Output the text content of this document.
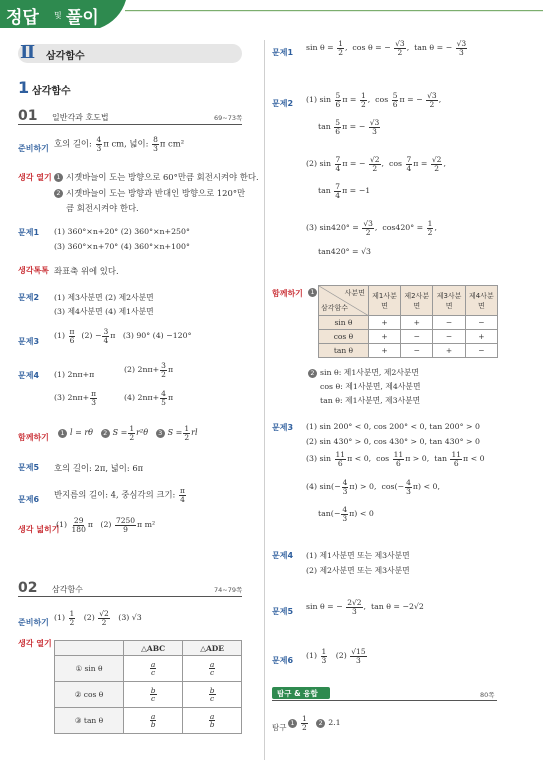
정답 및 풀이
Ⅱ 삼각함수
1 삼각함수
01 일반각과 호도법	69~73쪽
준비하기 호의 길이: $\frac{4}{3}$ π cm, 넓이: $\frac{8}{3}$ π cm²
생각 열기 1 시곗바늘이 도는 방향으로 60°만큼 회전시켜야 한다.
2 시곗바늘이 도는 방향과 반대인 방향으로 120°만
큼 회전시켜야 한다.
문제1 (1) 360°×n+20° (2) 360°×n+250°
(3) 360°×n+70° (4) 360°×n+100°
생각톡톡 좌표축 위에 있다.
문제2 (1) 제3사분면 (2) 제2사분면
(3) 제4사분면 (4) 제1사분면
문제3
$(1) \frac{\pi}{6} (2) - \frac{3}{4}$ π   (3) 90° (4) −120°
문제4 (1) 2nπ+π
(2) $2n\pi+ \frac{3}{2}$ π
(3) $2n\pi+ \frac{\pi}{3}$	(4) $2n\pi+ \frac{4}{5}$ π
함께하기
1 l = rθ 2 $S = \frac{1}{2} r^2\theta$ 3 $S = \frac{1}{2}$ rl
문제5 호의 길이: 2π, 넓이: 6π
문제6 반지름의 길이: 4, 중심각의 크기: $\frac{\pi}{4}$
생각 넓히기
$(1) \frac{29}{180}$ π   $(2) \frac{7250}{9}$ π m²
02 삼각함수	74~79쪽
준비하기
$(1) \frac{1}{2} (2) \frac{√2}{2} (3)$ √3
생각 열기
		△ABC	△ADE
① sin θ	$\frac{a}{c}$	$\frac{a}{c}$

② cos θ	$\frac{b}{c}$	$\frac{b}{c}$

③ tan θ	$\frac{a}{b}$	$\frac{a}{b}$
문제1
$\sin \theta = \frac{1}{2}$ ,  cos θ = − $\frac{√3}{2}$ ,  tan θ = − $\frac{√3}{3}$
문제2 (1) $\sin \frac{5}{6}$ $\pi = \frac{1}{2}$ ,  $\cos \frac{5}{6}$ π = − $\frac{√3}{2}$ ,
$\tan \frac{5}{6}$ π = − $\frac{√3}{3}$
(2) $\sin \frac{7}{4}$ π = − $\frac{√2}{2}$ ,  $\cos \frac{7}{4}$ $\pi = \frac{√2}{2}$ ,
$\tan \frac{7}{4}$ π = −1
(3) $\sin 420^\circ = \frac{√3}{2}$ ,  $\cos 420^\circ = \frac{1}{2}$ ,
tan420° = √3
함께하기	1	사분면
삼각함수	제1사분면	제2사분면	제3사분면	제4사분면
sin θ	+	+	−	−
cos θ	+	−	−	+
tan θ	+	−	+	−
2 sin θ: 제1사분면, 제2사분면
cos θ: 제1사분면, 제4사분면
tan θ: 제1사분면, 제3사분면
문제3 (1) sin 200° < 0, cos 200° < 0, tan 200° > 0
(2) sin 430° > 0, cos 430° > 0, tan 430° > 0
(3) $\sin \frac{11}{6}$ π < 0,  $\cos \frac{11}{6}$ π > 0,  $\tan \frac{11}{6}$ π < 0
(4) $\sin(- \frac{4}{3} \pi) > 0$,  $\cos(- \frac{4}{3} \pi) < 0$,
$\tan(- \frac{4}{3} \pi) < 0$
문제4 (1) 제1사분면 또는 제3사분면
(2) 제2사분면 또는 제3사분면
문제5
sin θ = − $\frac{2√2}{3}$ ,  tan θ = −2√2
문제6
$(1) \frac{1}{3} (2) \frac{√15}{3}$
탐구 & 융합	80쪽
탐구
$1 \frac{1}{2} 2$ 2.1
